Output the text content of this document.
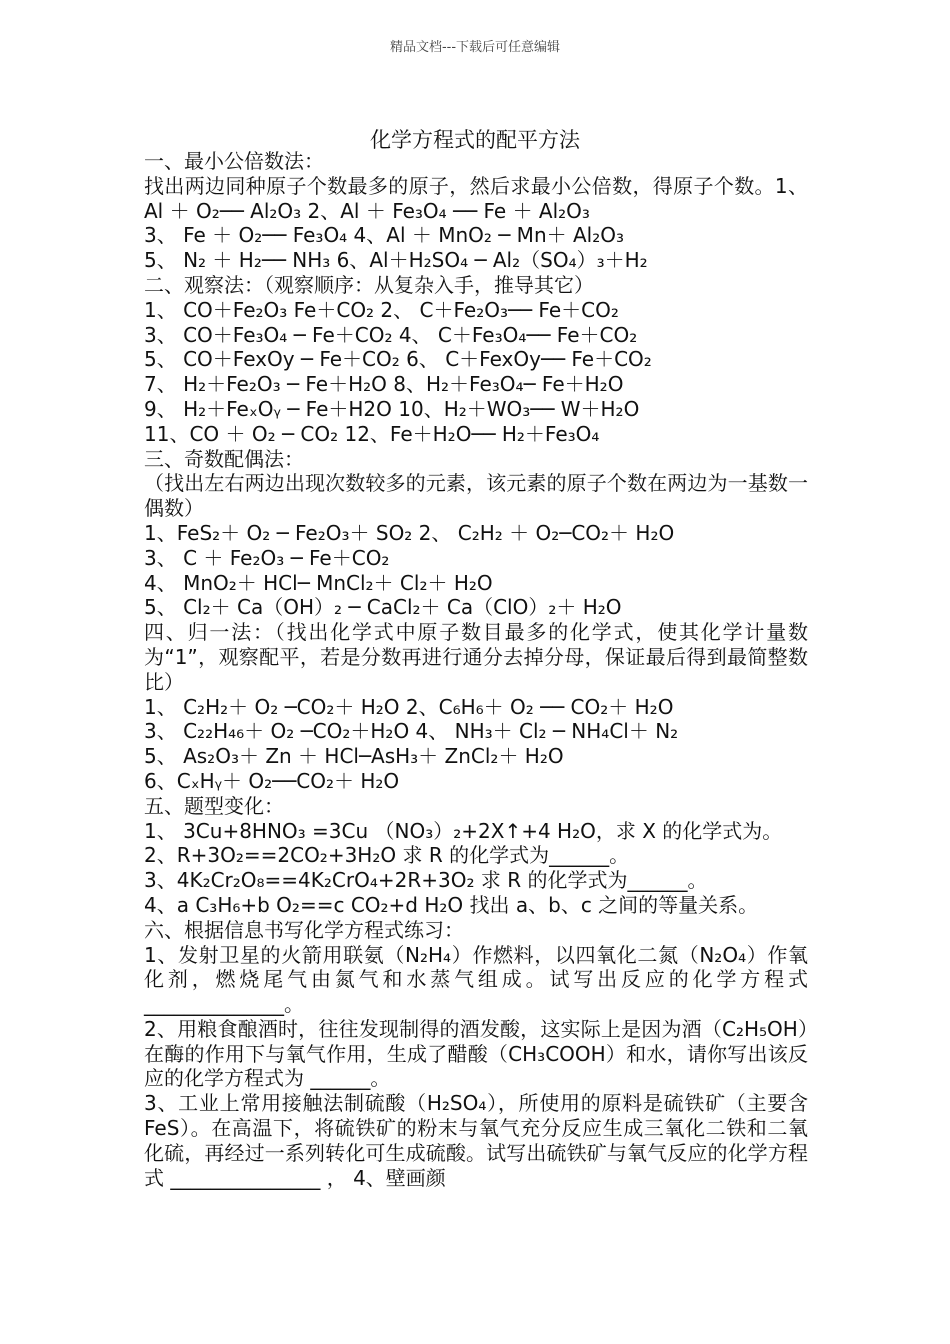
精品文档---下载后可任意编辑
化学方程式的配平方法
一、最小公倍数法：
找出两边同种原子个数最多的原子，然后求最小公倍数，得原子个数。1、 Al ＋ O₂── Al₂O₃ 2、Al ＋ Fe₃O₄ ── Fe ＋ Al₂O₃
3、 Fe ＋ O₂── Fe₃O₄ 4、Al ＋ MnO₂ ─ Mn＋ Al₂O₃
5、 N₂ ＋ H₂── NH₃ 6、Al＋H₂SO₄ ─ Al₂（SO₄）₃＋H₂
二、观察法：（观察顺序：从复杂入手，推导其它）
1、 CO＋Fe₂O₃ Fe＋CO₂ 2、 C＋Fe₂O₃── Fe＋CO₂
3、 CO＋Fe₃O₄ ─ Fe＋CO₂ 4、 C＋Fe₃O₄── Fe＋CO₂
5、 CO＋FexOy ─ Fe＋CO₂ 6、 C＋FexOy── Fe＋CO₂
7、 H₂＋Fe₂O₃ ─ Fe＋H₂O 8、H₂＋Fe₃O₄─ Fe＋H₂O
9、 H₂＋FeₓOᵧ ─ Fe＋H2O 10、H₂＋WO₃── W＋H₂O
11、CO ＋ O₂ ─ CO₂ 12、Fe＋H₂O── H₂＋Fe₃O₄
三、奇数配偶法：
（找出左右两边出现次数较多的元素，该元素的原子个数在两边为一基数一偶数）
1、FeS₂＋ O₂ ─ Fe₂O₃＋ SO₂ 2、 C₂H₂ ＋ O₂─CO₂＋ H₂O
3、 C ＋ Fe₂O₃ ─ Fe＋CO₂
4、 MnO₂＋ HCl─ MnCl₂＋ Cl₂＋ H₂O
5、 Cl₂＋ Ca（OH）₂ ─ CaCl₂＋ Ca（ClO）₂＋ H₂O
四、归一法：（找出化学式中原子数目最多的化学式，使其化学计量数为“1”，观察配平，若是分数再进行通分去掉分母，保证最后得到最简整数比）
1、 C₂H₂＋ O₂ ─CO₂＋ H₂O 2、C₆H₆＋ O₂ ── CO₂＋ H₂O
3、 C₂₂H₄₆＋ O₂ ─CO₂＋H₂O 4、 NH₃＋ Cl₂ ─ NH₄Cl＋ N₂
5、 As₂O₃＋ Zn ＋ HCl─AsH₃＋ ZnCl₂＋ H₂O
6、CₓHᵧ＋ O₂──CO₂＋ H₂O
五、题型变化：
1、 3Cu+8HNO₃ =3Cu （NO₃）₂+2X↑+4 H₂O，求 X 的化学式为。
2、R+3O₂==2CO₂+3H₂O 求 R 的化学式为______。
3、4K₂Cr₂O₈==4K₂CrO₄+2R+3O₂ 求 R 的化学式为______。
4、a C₃H₆+b O₂==c CO₂+d H₂O 找出 a、b、c 之间的等量关系。
六、根据信息书写化学方程式练习：
1、发射卫星的火箭用联氨（N₂H₄）作燃料，以四氧化二氮（N₂O₄）作氧化剂，燃烧尾气由氮气和水蒸气组成。试写出反应的化学方程式______________。
2、用粮食酿酒时，往往发现制得的酒发酸，这实际上是因为酒（C₂H₅OH）在酶的作用下与氧气作用，生成了醋酸（CH₃COOH）和水，请你写出该反应的化学方程式为 ______。
3、工业上常用接触法制硫酸（H₂SO₄），所使用的原料是硫铁矿（主要含 FeS）。在高温下，将硫铁矿的粉末与氧气充分反应生成三氧化二铁和二氧化硫，再经过一系列转化可生成硫酸。试写出硫铁矿与氧气反应的化学方程式 _______________ ， 4、壁画颜
